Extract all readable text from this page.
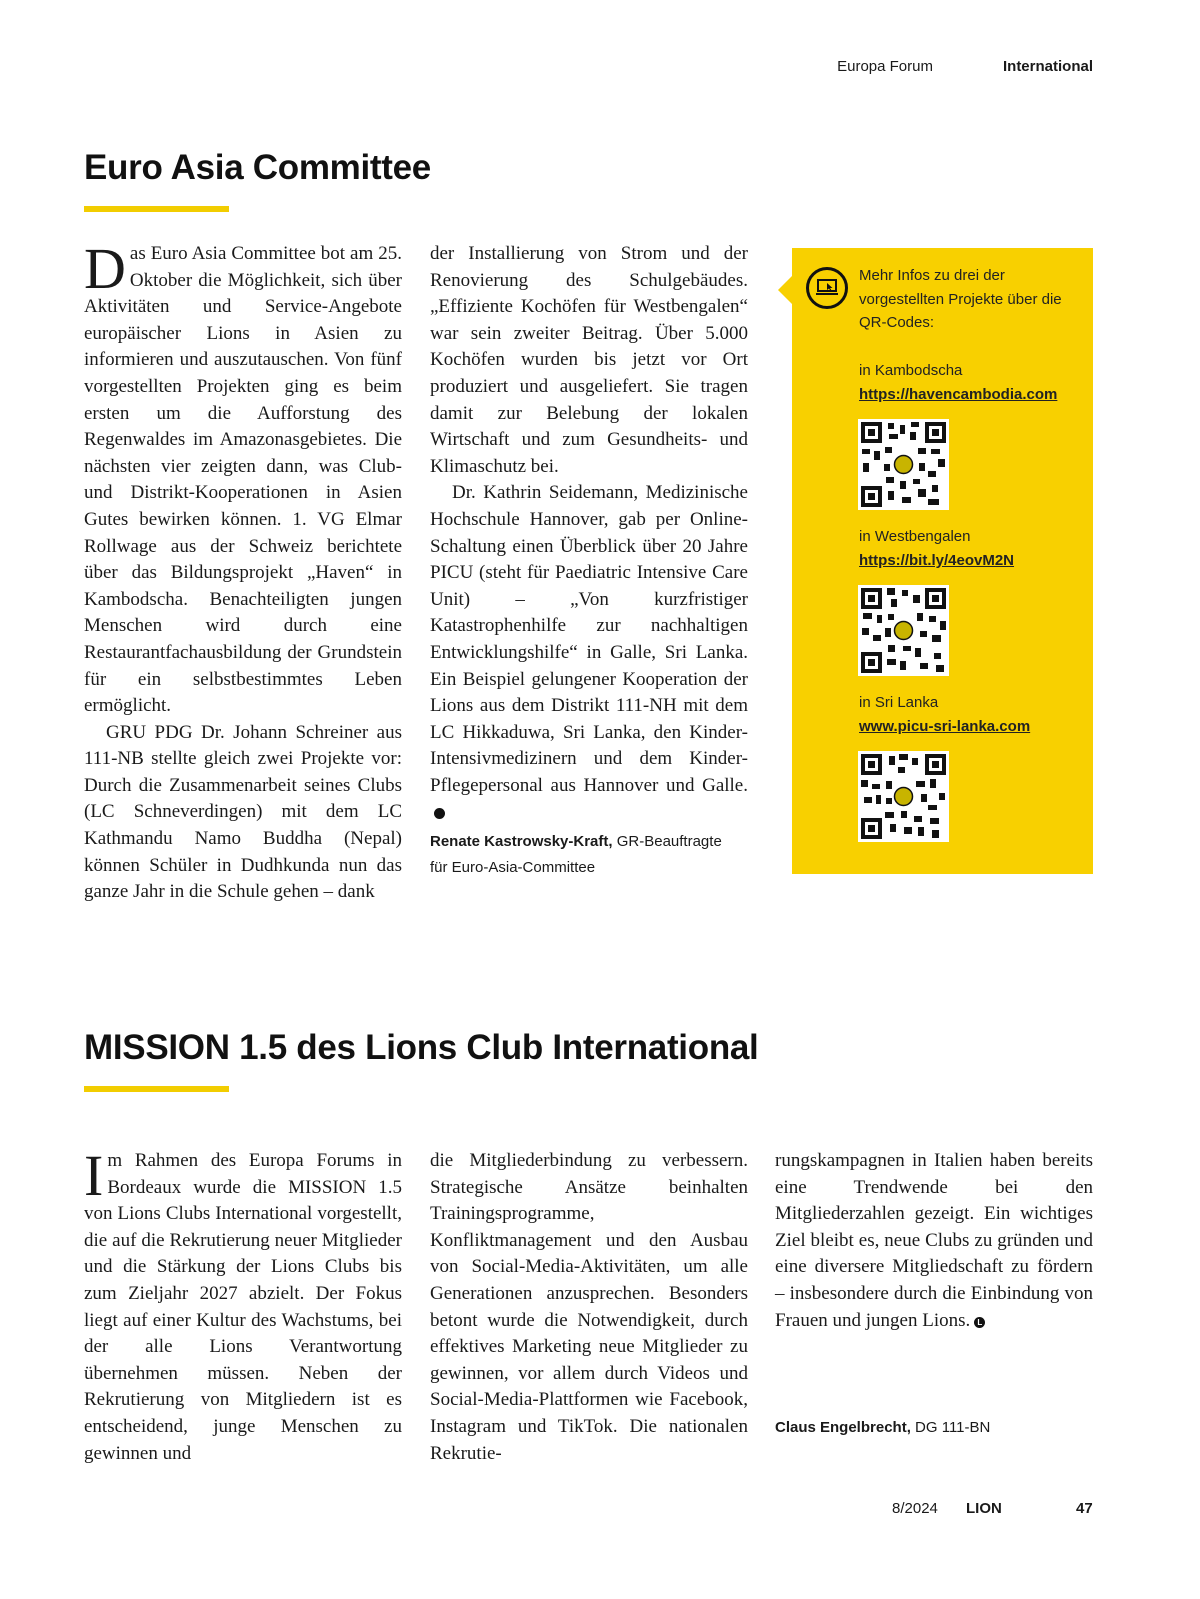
Europa Forum	International
Euro Asia Committee

Das Euro Asia Committee bot am 25. Oktober die Möglichkeit, sich über Aktivitäten und Service-Angebote europäischer Lions in Asien zu informieren und auszutauschen. Von fünf vorgestellten Projekten ging es beim ersten um die Aufforstung des Regenwaldes im Amazonasgebietes. Die nächsten vier zeigten dann, was Club- und Distrikt-Kooperationen in Asien Gutes bewirken können. 1. VG Elmar Rollwage aus der Schweiz berichtete über das Bildungsprojekt „Haven“ in Kambodscha. Benachteiligten jungen Menschen wird durch eine Restaurantfachausbildung der Grundstein für ein selbstbestimmtes Leben ermöglicht.

GRU PDG Dr. Johann Schreiner aus 111-NB stellte gleich zwei Projekte vor: Durch die Zusammenarbeit seines Clubs (LC Schneverdingen) mit dem LC Kathmandu Namo Buddha (Nepal) können Schüler in Dudhkunda nun das ganze Jahr in die Schule gehen – dank

der Installierung von Strom und der Renovierung des Schulgebäudes. „Effiziente Kochöfen für Westbengalen“ war sein zweiter Beitrag. Über 5.000 Kochöfen wurden bis jetzt vor Ort produziert und ausgeliefert. Sie tragen damit zur Belebung der lokalen Wirtschaft und zum Gesundheits- und Klimaschutz bei.

Dr. Kathrin Seidemann, Medizinische Hochschule Hannover, gab per Online-Schaltung einen Überblick über 20 Jahre PICU (steht für Paediatric Intensive Care Unit) – „Von kurzfristiger Katastrophenhilfe zur nachhaltigen Entwicklungshilfe“ in Galle, Sri Lanka. Ein Beispiel gelungener Kooperation der Lions aus dem Distrikt 111-NH mit dem LC Hikkaduwa, Sri Lanka, den Kinder-Intensivmedizinern und dem Kinder-Pflegepersonal aus Hannover und Galle.L

Renate Kastrowsky-Kraft, GR-Beauftragte für Euro-Asia-Committee
Mehr Infos zu drei der vorgestellten Projekte über die QR-Codes:
in Kambodscha
https://havencambodia.com
in Westbengalen
https://bit.ly/4eovM2N
in Sri Lanka
www.picu-sri-lanka.com
MISSION 1.5 des Lions Club International

Im Rahmen des Europa Forums in Bordeaux wurde die MISSION 1.5 von Lions Clubs International vorgestellt, die auf die Rekrutierung neuer Mitglieder und die Stärkung der Lions Clubs bis zum Zieljahr 2027 abzielt. Der Fokus liegt auf einer Kultur des Wachstums, bei der alle Lions Verantwortung übernehmen müssen. Neben der Rekrutierung von Mitgliedern ist es entscheidend, junge Menschen zu gewinnen und

die Mitgliederbindung zu verbessern. Strategische Ansätze beinhalten Trainingsprogramme, Konfliktmanagement und den Ausbau von Social-Media-Aktivitäten, um alle Generationen anzusprechen. Besonders betont wurde die Notwendigkeit, durch effektives Marketing neue Mitglieder zu gewinnen, vor allem durch Videos und Social-Media-Plattformen wie Facebook, Instagram und TikTok. Die nationalen Rekrutie-

rungskampagnen in Italien haben bereits eine Trendwende bei den Mitgliederzahlen gezeigt. Ein wichtiges Ziel bleibt es, neue Clubs zu gründen und eine diversere Mitgliedschaft zu fördern – insbesondere durch die Einbindung von Frauen und jungen Lions. L

Claus Engelbrecht, DG 111-BN
8/2024 LION	47
